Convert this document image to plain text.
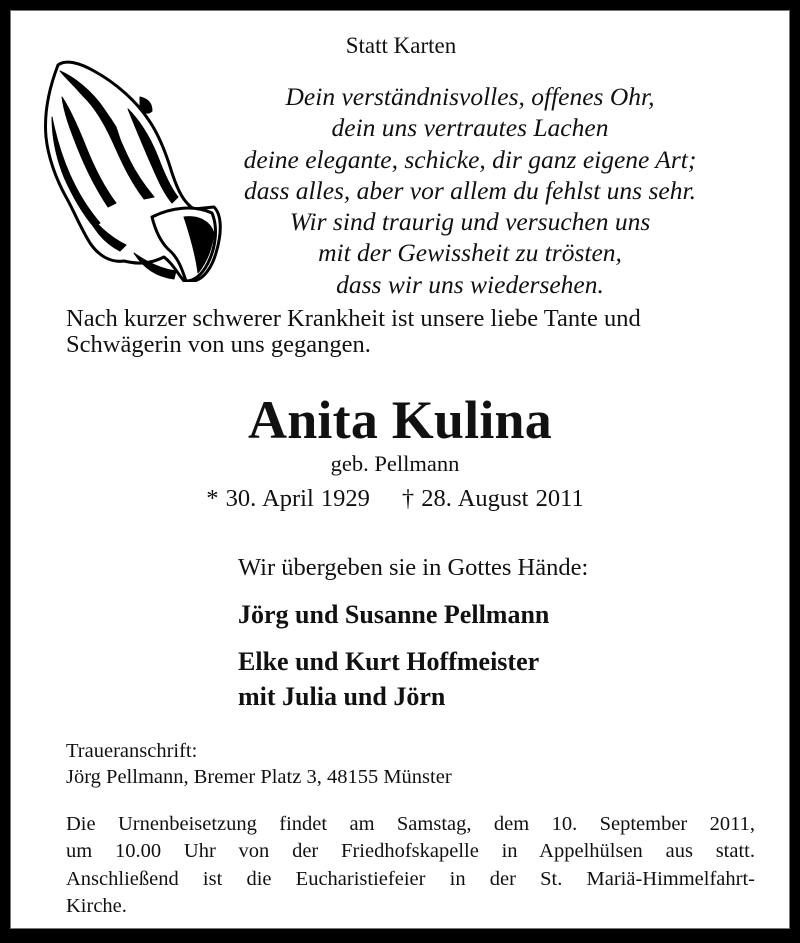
Statt Karten
Dein verständnisvolles, offenes Ohr,
dein uns vertrautes Lachen
deine elegante, schicke, dir ganz eigene Art;
dass alles, aber vor allem du fehlst uns sehr.
Wir sind traurig und versuchen uns
mit der Gewissheit zu trösten,
dass wir uns wiedersehen.
Nach kurzer schwerer Krankheit ist unsere liebe Tante und
Schwägerin von uns gegangen.
Anita Kulina
geb. Pellmann
* 30. April 1929 † 28. August 2011
Wir übergeben sie in Gottes Hände:
Jörg und Susanne Pellmann
Elke und Kurt Hoffmeister
mit Julia und Jörn
Traueranschrift:
Jörg Pellmann, Bremer Platz 3, 48155 Münster
Die Urnenbeisetzung findet am Samstag, dem 10. September 2011,
um 10.00 Uhr von der Friedhofskapelle in Appelhülsen aus statt.
Anschließend ist die Eucharistiefeier in der St. Mariä-Himmelfahrt-
Kirche.
